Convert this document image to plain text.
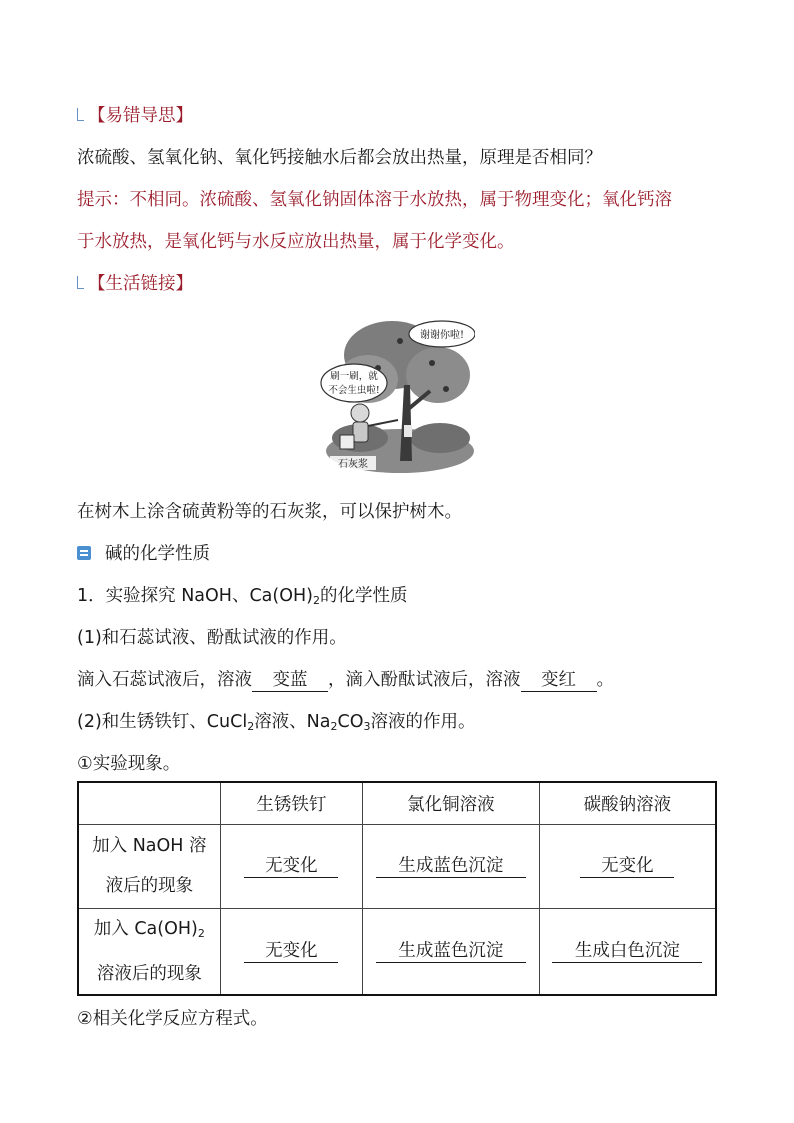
【易错导思】
浓硫酸、氢氧化钠、氧化钙接触水后都会放出热量，原理是否相同？
提示：不相同。浓硫酸、氢氧化钠固体溶于水放热，属于物理变化；氧化钙溶
于水放热，是氧化钙与水反应放出热量，属于化学变化。
【生活链接】
谢谢你啦!
刷一刷，就
不会生虫啦!
石灰浆
在树木上涂含硫黄粉等的石灰浆，可以保护树木。
碱的化学性质
1．实验探究 NaOH、$Ca(OH)_2$的化学性质
(1)和石蕊试液、酚酞试液的作用。
滴入石蕊试液后，溶液 变蓝 ，滴入酚酞试液后，溶液 变红 。
(2)和生锈铁钉、CuCl$_2$溶液、$Na_2CO_3$溶液的作用。
①实验现象。
	生锈铁钉	氯化铜溶液	碳酸钠溶液
加入 NaOH 溶
液后的现象	无变化	生成蓝色沉淀	无变化
加入 $Ca(OH)_2$
溶液后的现象	无变化	生成蓝色沉淀	生成白色沉淀
②相关化学反应方程式。
